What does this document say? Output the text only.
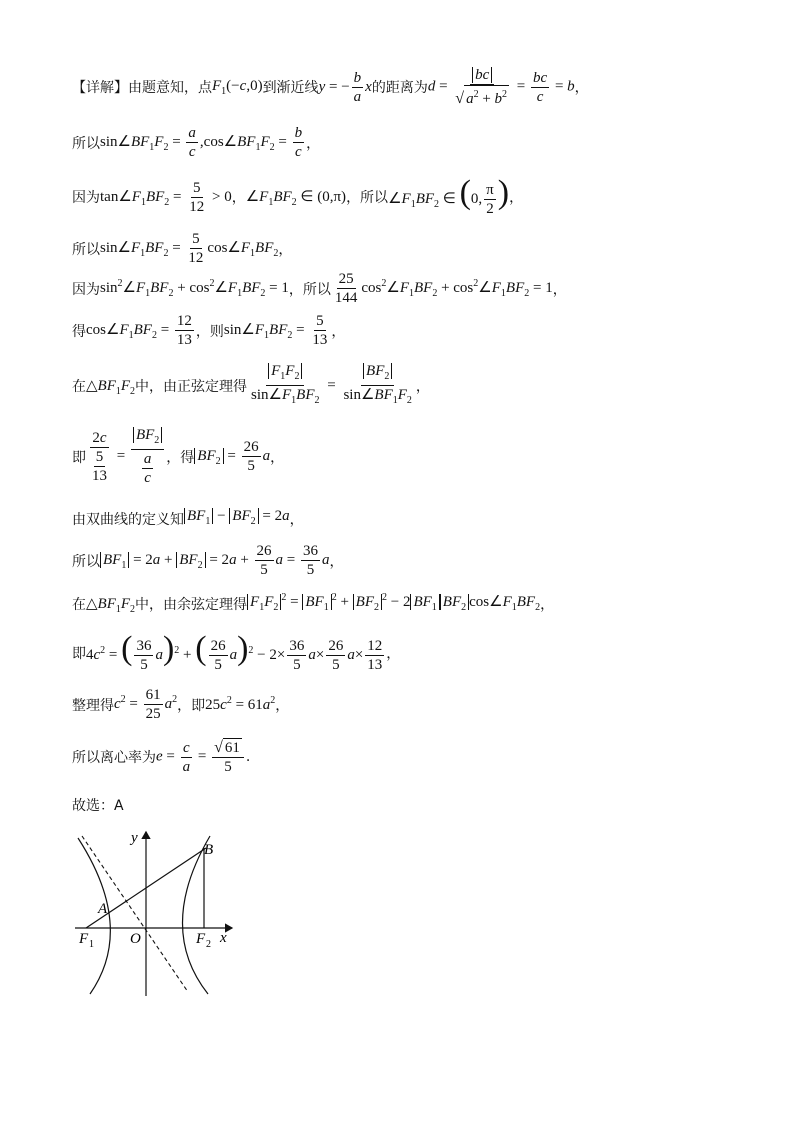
【详解】由题意知，点 $F_1(-c,0)$ 到渐近线 y = − $\frac{b}{a}$ x 的距离为 $d = \frac{bc}{√ a^2 + b^2} = \frac{bc}{c} = b$ ，
所以 $\sin\angle BF_1F_2 = \frac{a}{c}$ $,\cos\angle BF_1F_2 = \frac{b}{c}$ ，
因为 $\tan\angle F_1BF_2 = \frac{5}{12} > 0$ ， $\angle F_1BF_2$ ∈ (0,π) ，所以 $\angle F_1BF_2$ ∈ (0, $\frac{\pi}{2}$ ) ，
所以 $\sin\angle F_1BF_2 = \frac{5}{12}$ $\cos\angle F_1BF_2$ ，
因为 $\sin^2\angle F_1BF_2$ + $\cos^2\angle F_1BF_2 = 1$ ，所以 $\frac{25}{144}$ $\cos^2\angle F_1BF_2$ + $\cos^2\angle F_1BF_2 = 1$ ，
得 $\cos\angle F_1BF_2 = \frac{12}{13}$ ，则 $\sin\angle F_1BF_2 = \frac{5}{13}$ ，
在 $\triangle BF_1F_2$ 中，由正弦定理得 $\frac{F_1F_2}{\sin\angle F_1BF_2} = \frac{BF_2}{\sin\angle BF_1F_2}$ ，
即 $\frac{2c}{\frac{5}{13}} = \frac{BF_2}{\frac{a}{c}}$ ，得 $BF_2 = \frac{26}{5}$ a ，
由双曲线的定义知 $BF_1 - BF_2 = 2a$ ，
所以 $BF_1 = 2a + BF_2 = 2a + \frac{26}{5}$ $a = \frac{36}{5}$ a ，
在 $\triangle BF_1F_2$ 中，由余弦定理得 $F_1F_2^2 = BF_1^2 + BF_2^2 - 2$ $BF_1$ $BF_2$ $\cos\angle F_1BF_2$ ，
即 $4c^2$ = ( $\frac{36}{5} a)^2$ + ( $\frac{26}{5} a)^2 - 2\times \frac{36}{5} a\times \frac{26}{5} a\times \frac{12}{13}$ ，
整理得 $c^2 = \frac{61}{25} a^2$ ，即 $25c^2 = 61a^2$ ，
所以离心率为 $e = \frac{c}{a} = \frac{√ 61}{5}$ .
故选：A
y
x
B
A
F 1 O	F 2
